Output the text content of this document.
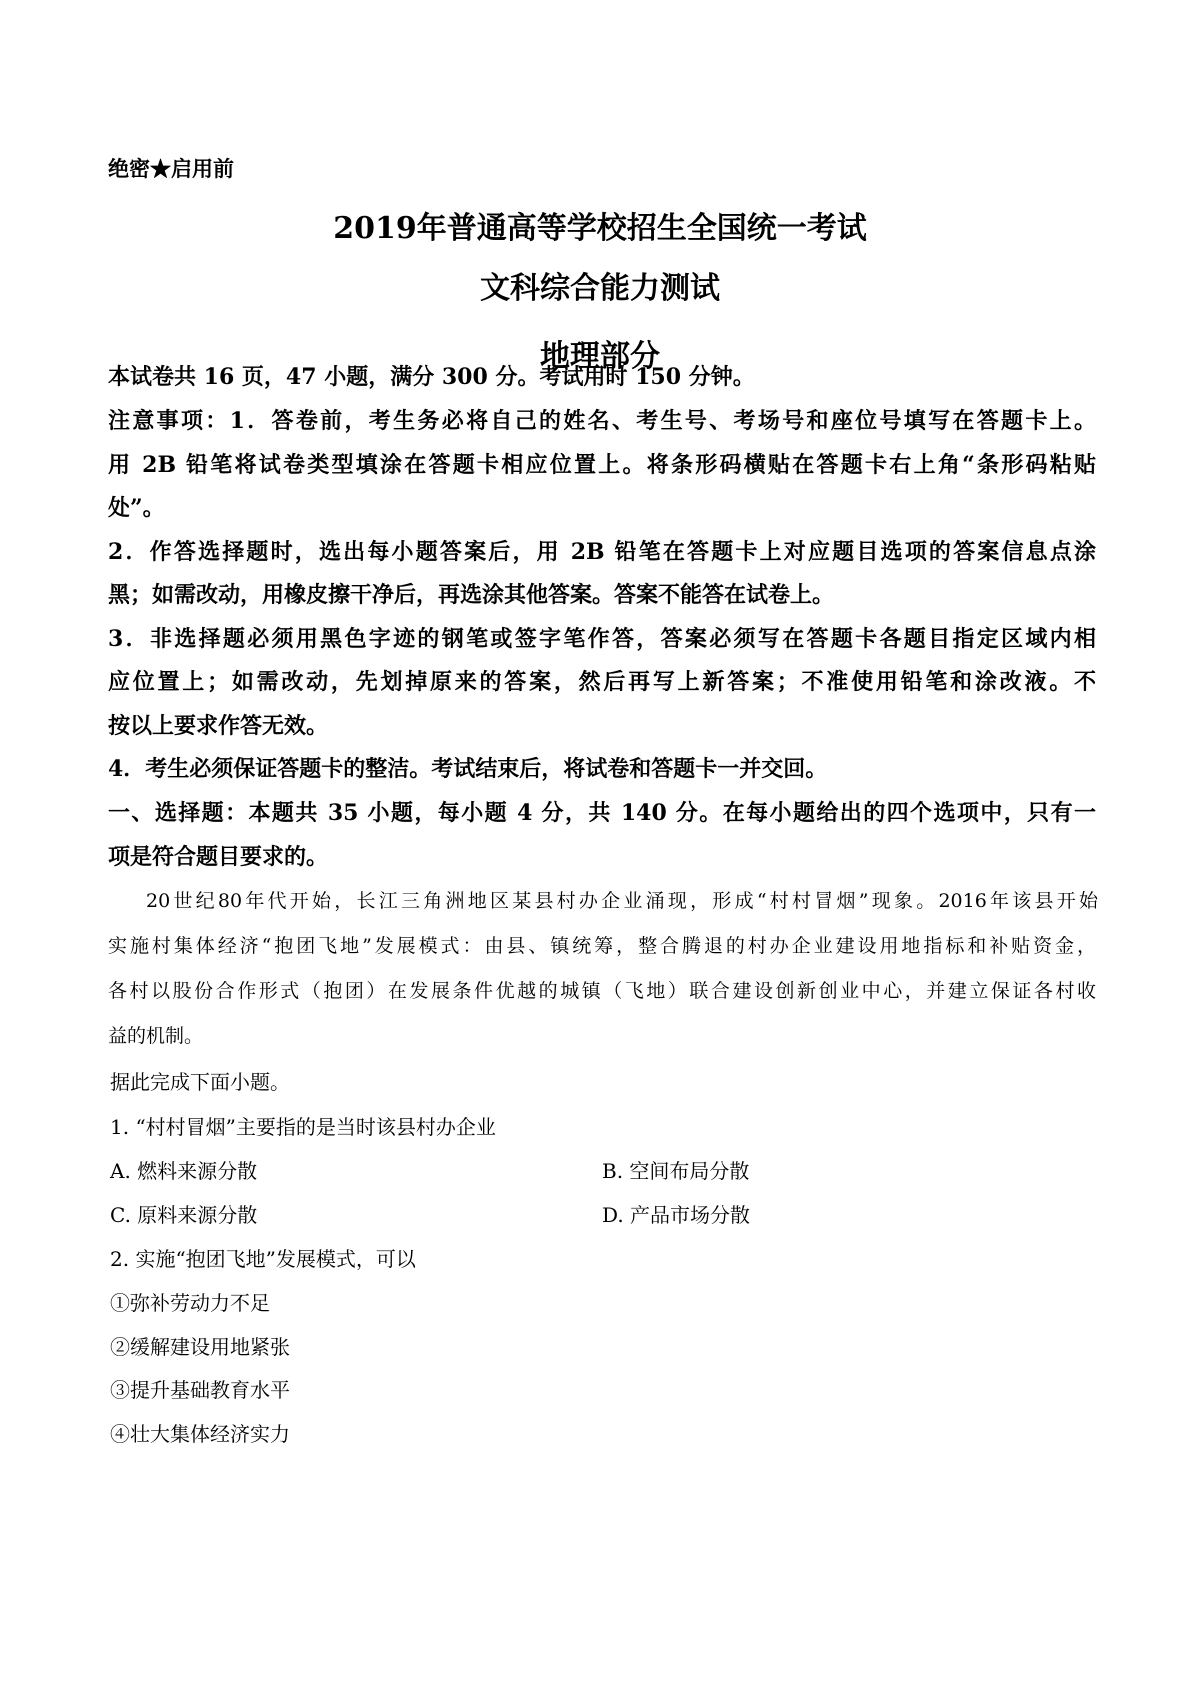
绝密★启用前
2019年普通高等学校招生全国统一考试
文科综合能力测试
地理部分
本试卷共 16 页，47 小题，满分 300 分。考试用时 150 分钟。
注意事项：1．答卷前，考生务必将自己的姓名、考生号、考场号和座位号填写在答题卡上。
用 2B 铅笔将试卷类型填涂在答题卡相应位置上。将条形码横贴在答题卡右上角“条形码粘贴
处”。
2．作答选择题时，选出每小题答案后，用 2B 铅笔在答题卡上对应题目选项的答案信息点涂
黑；如需改动，用橡皮擦干净后，再选涂其他答案。答案不能答在试卷上。
3．非选择题必须用黑色字迹的钢笔或签字笔作答，答案必须写在答题卡各题目指定区域内相
应位置上；如需改动，先划掉原来的答案，然后再写上新答案；不准使用铅笔和涂改液。不
按以上要求作答无效。
4．考生必须保证答题卡的整洁。考试结束后，将试卷和答题卡一并交回。
一、选择题：本题共 35 小题，每小题 4 分，共 140 分。在每小题给出的四个选项中，只有一
项是符合题目要求的。
20世纪80年代开始，长江三角洲地区某县村办企业涌现，形成“村村冒烟”现象。2016年该县开始
实施村集体经济“抱团飞地”发展模式：由县、镇统筹，整合腾退的村办企业建设用地指标和补贴资金，
各村以股份合作形式（抱团）在发展条件优越的城镇（飞地）联合建设创新创业中心，并建立保证各村收
益的机制。
据此完成下面小题。
1. “村村冒烟”主要指的是当时该县村办企业
A. 燃料来源分散	B. 空间布局分散
C. 原料来源分散	D. 产品市场分散
2. 实施“抱团飞地”发展模式，可以
①弥补劳动力不足
②缓解建设用地紧张
③提升基础教育水平
④壮大集体经济实力
